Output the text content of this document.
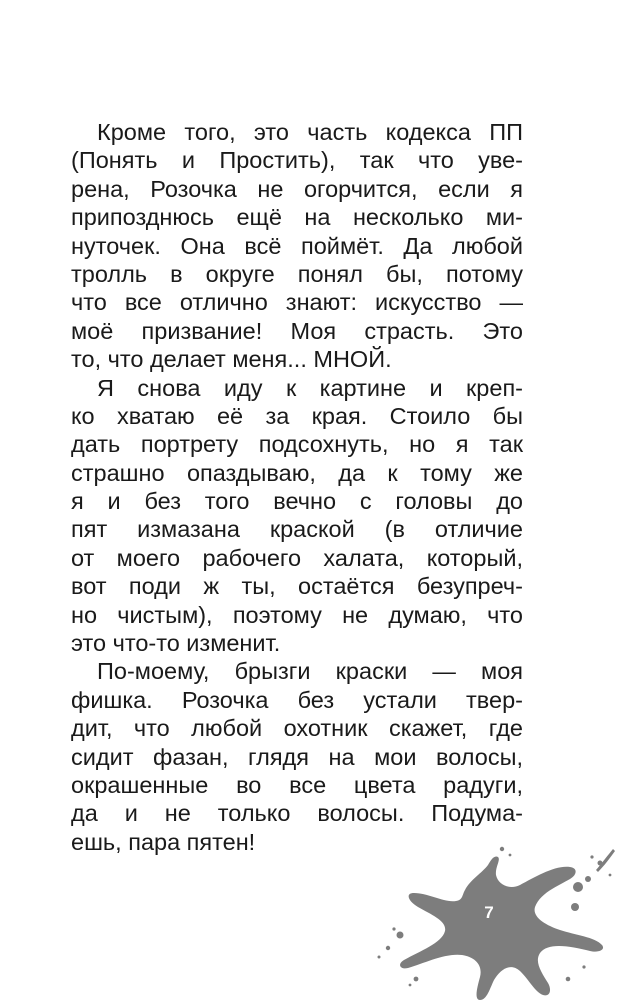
Кроме того, это часть кодекса ПП
(Понять и Простить), так что уве-
рена, Розочка не огорчится, если я
припозднюсь ещё на несколько ми-
нуточек. Она всё поймёт. Да любой
тролль в округе понял бы, потому
что все отлично знают: искусство —
моё призвание! Моя страсть. Это
то, что делает меня... МНОЙ.
Я снова иду к картине и креп-
ко хватаю её за края. Стоило бы
дать портрету подсохнуть, но я так
страшно опаздываю, да к тому же
я и без того вечно с головы до
пят измазана краской (в отличие
от моего рабочего халата, который,
вот поди ж ты, остаётся безупреч-
но чистым), поэтому не думаю, что
это что-то изменит.
По-моему, брызги краски — моя
фишка. Розочка без устали твер-
дит, что любой охотник скажет, где
сидит фазан, глядя на мои волосы,
окрашенные во все цвета радуги,
да и не только волосы. Подума-
ешь, пара пятен!
7
